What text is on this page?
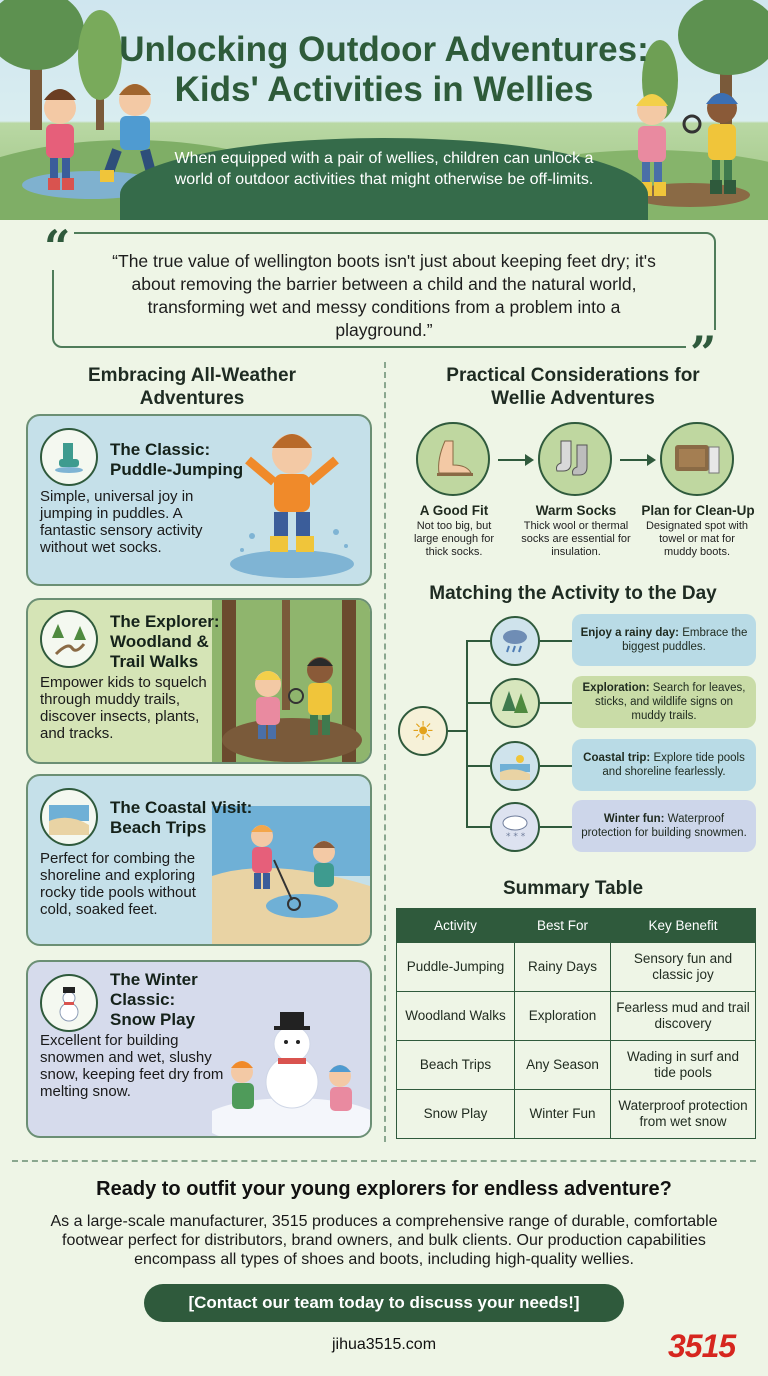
Unlocking Outdoor Adventures:
Kids' Activities in Wellies
When equipped with a pair of wellies, children can unlock a world of outdoor activities that might otherwise be off-limits.
“
”
“The true value of wellington boots isn't just about keeping feet dry; it's about removing the barrier between a child and the natural world, transforming wet and messy conditions from a problem into a playground.”
Embracing All-Weather
Adventures
The Classic:
Puddle-Jumping
Simple, universal joy in jumping in puddles. A fantastic sensory activity without wet socks.
The Explorer:
Woodland &
Trail Walks
Empower kids to squelch through muddy trails, discover insects, plants, and tracks.
The Coastal Visit:
Beach Trips
Perfect for combing the shoreline and exploring rocky tide pools without cold, soaked feet.
The Winter
Classic:
Snow Play
Excellent for building snowmen and wet, slushy snow, keeping feet dry from melting snow.
Practical Considerations for
Wellie Adventures
A Good Fit
Not too big, but large enough for thick socks.
Warm Socks
Thick wool or thermal socks are essential for insulation.
Plan for Clean-Up
Designated spot with towel or mat for muddy boots.
Matching the Activity to the Day
☀
* * *
Enjoy a rainy day: Embrace the biggest puddles.
Exploration: Search for leaves, sticks, and wildlife signs on muddy trails.
Coastal trip: Explore tide pools and shoreline fearlessly.
Winter fun: Waterproof protection for building snowmen.
Summary Table
Activity	Best For	Key Benefit
Puddle-Jumping	Rainy Days	Sensory fun and classic joy
Woodland Walks	Exploration	Fearless mud and trail discovery
Beach Trips	Any Season	Wading in surf and tide pools
Snow Play	Winter Fun	Waterproof protection from wet snow
Ready to outfit your young explorers for endless adventure?
As a large-scale manufacturer, 3515 produces a comprehensive range of durable, comfortable footwear perfect for distributors, brand owners, and bulk clients. Our production capabilities encompass all types of shoes and boots, including high-quality wellies.
[Contact our team today to discuss your needs!]
jihua3515.com	3515
